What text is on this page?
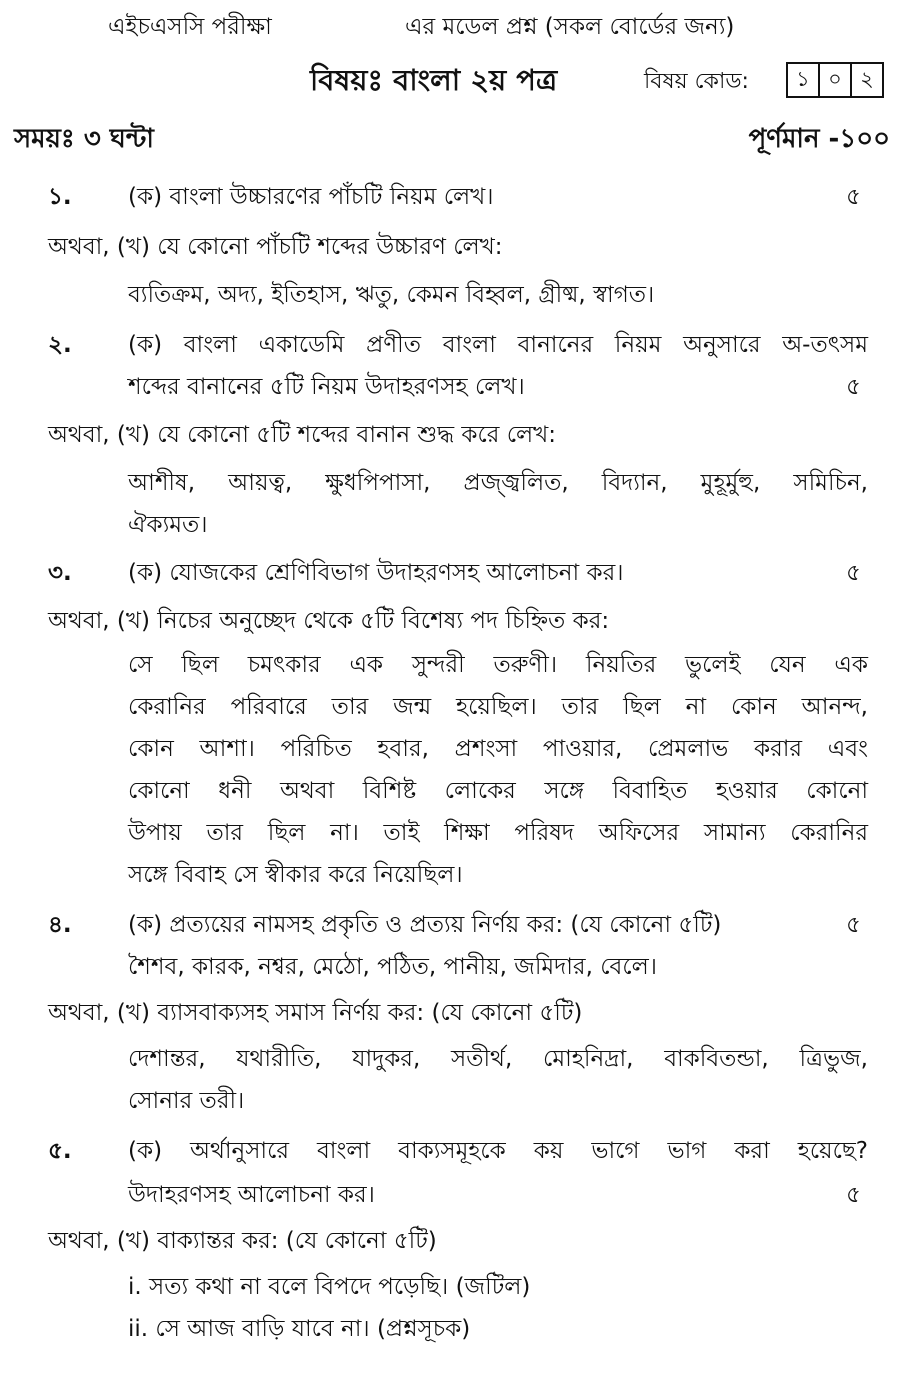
এইচএসসি পরীক্ষা	এর মডেল প্রশ্ন (সকল বোর্ডের জন্য)
বিষয়ঃ বাংলা ২য় পত্র	বিষয় কোড:	১ ০ ২
সময়ঃ ৩ ঘন্টা	পূর্ণমান -১০০
১. (ক) বাংলা উচ্চারণের পাঁচটি নিয়ম লেখ।	৫
অথবা, (খ) যে কোনো পাঁচটি শব্দের উচ্চারণ লেখ:
ব্যতিক্রম, অদ্য, ইতিহাস, ঋতু, কেমন বিহ্বল, গ্রীষ্ম, স্বাগত।
২. (ক) বাংলা একাডেমি প্রণীত বাংলা বানানের নিয়ম অনুসারে অ-তৎসম
শব্দের বানানের ৫টি নিয়ম উদাহরণসহ লেখ।	৫
অথবা, (খ) যে কোনো ৫টি শব্দের বানান শুদ্ধ করে লেখ:
আশীষ, আয়ত্ব, ক্ষুধপিপাসা, প্রজ্জ্বলিত, বিদ্যান, মুহূর্মুহু, সমিচিন,
ঐক্যমত।
৩. (ক) যোজকের শ্রেণিবিভাগ উদাহরণসহ আলোচনা কর।	৫
অথবা, (খ) নিচের অনুচ্ছেদ থেকে ৫টি বিশেষ্য পদ চিহ্নিত কর:
সে ছিল চমৎকার এক সুন্দরী তরুণী। নিয়তির ভুলেই যেন এক
কেরানির পরিবারে তার জন্ম হয়েছিল। তার ছিল না কোন আনন্দ,
কোন আশা। পরিচিত হবার, প্রশংসা পাওয়ার, প্রেমলাভ করার এবং
কোনো ধনী অথবা বিশিষ্ট লোকের সঙ্গে বিবাহিত হওয়ার কোনো
উপায় তার ছিল না। তাই শিক্ষা পরিষদ অফিসের সামান্য কেরানির
সঙ্গে বিবাহ সে স্বীকার করে নিয়েছিল।
৪. (ক) প্রত্যয়ের নামসহ প্রকৃতি ও প্রত্যয় নির্ণয় কর: (যে কোনো ৫টি)	৫
শৈশব, কারক, নশ্বর, মেঠো, পঠিত, পানীয়, জমিদার, বেলে।
অথবা, (খ) ব্যাসবাক্যসহ সমাস নির্ণয় কর: (যে কোনো ৫টি)
দেশান্তর, যথারীতি, যাদুকর, সতীর্থ, মোহনিদ্রা, বাকবিতন্ডা, ত্রিভুজ,
সোনার তরী।
৫. (ক) অর্থানুসারে বাংলা বাক্যসমূহকে কয় ভাগে ভাগ করা হয়েছে?
উদাহরণসহ আলোচনা কর।	৫
অথবা, (খ) বাক্যান্তর কর: (যে কোনো ৫টি)
i. সত্য কথা না বলে বিপদে পড়েছি। (জটিল)
ii. সে আজ বাড়ি যাবে না। (প্রশ্নসূচক)
